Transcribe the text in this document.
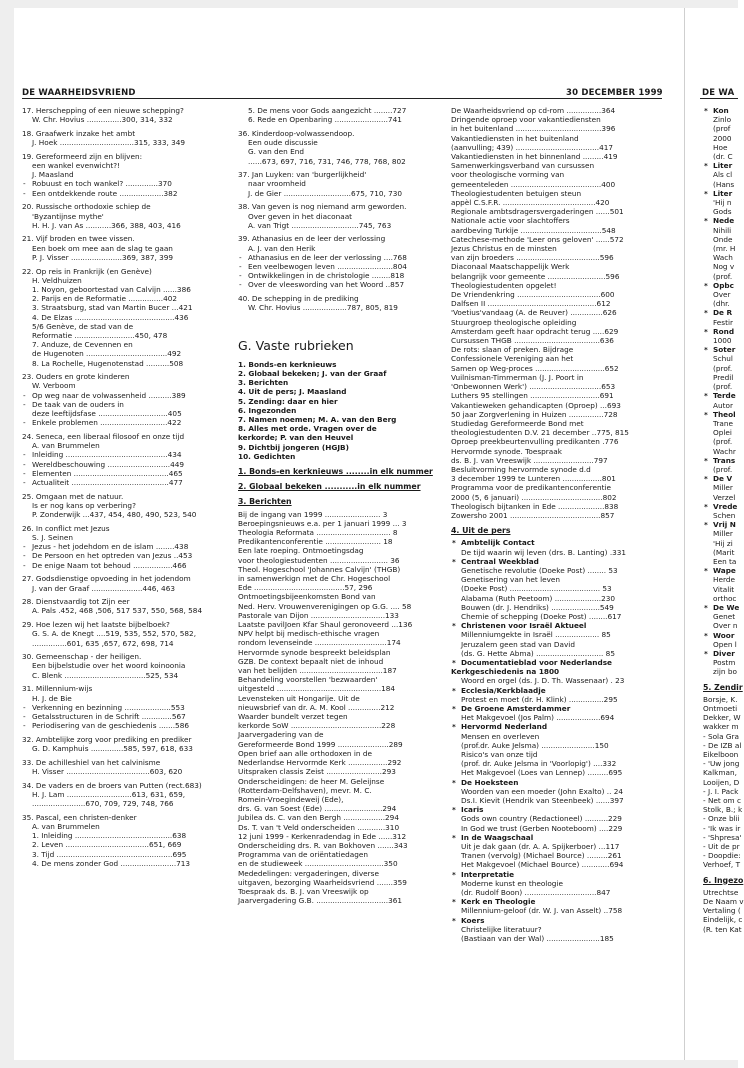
DE WAARHEIDSVRIEND	30 DECEMBER 1999	DE WA
17. Herschepping of een nieuwe schepping?
W. Chr. Hovius ...............300, 314, 332
18. Graafwerk inzake het ambt
J. Hoek ................................315, 333, 349
19. Gereformeerd zijn en blijven:
een wankel evenwicht?!
J. Maasland
- Robuust en toch wankel? ..............370
- Een ontdekkende route ...................382
20. Russische orthodoxie schiep de
'Byzantijnse mythe'
H. H. J. van As ...........366, 388, 403, 416
21. Vijf broden en twee vissen.
Een boek om mee aan de slag te gaan
P. J. Visser ......................369, 387, 399
22. Op reis in Frankrijk (en Genève)
H. Veldhuizen
1. Noyon, geboortestad van Calvijn ......386
2. Parijs en de Reformatie ...............402
3. Straatsburg, stad van Martin Bucer ...421
4. De Elzas ...........................................436
5/6 Genève, de stad van de
Reformatie ..........................450, 478
7. Anduze, de Cevennen en
de Hugenoten ...................................492
8. La Rochelle, Hugenotenstad ..........508
23. Ouders en grote kinderen
W. Verboom
- Op weg naar de volwassenheid ..........389
- De taak van de ouders in
deze leeftijdsfase ..............................405
- Enkele problemen .............................422
24. Seneca, een liberaal filosoof en onze tijd
A. van Brummelen
- Inleiding ............................................434
- Wereldbeschouwing ...........................449
- Elementen .........................................465
- Actualiteit ..........................................477
25. Omgaan met de natuur.
Is er nog kans op verbering?
P. Zonderwijk ...437, 454, 480, 490, 523, 540
26. In conflict met Jezus
S. J. Seinen
- Jezus - het jodehdom en de islam ........438
- De Persoon en het optreden van Jezus ..453
- De enige Naam tot behoud .................466
27. Godsdienstige opvoeding in het jodendom
J. van der Graaf ......................446, 463
28. Dienstvaardig tot Zijn eer
A. Pals .452, 468 ,506, 517 537, 550, 568, 584
29. Hoe lezen wij het laatste bijbelboek?
G. S. A. de Knegt ....519, 535, 552, 570, 582,
...............601, 635 ,657, 672, 698, 714
30. Gemeenschap - der heiligen.
Een bijbelstudie over het woord koinoonia
C. Blenk ...................................525, 534
31. Millennium-wijs
H. J. de Bie
- Verkenning en bezinning ....................553
- Getalsstructuren in de Schrift .............567
- Periodisering van de geschiedenis .......586
32. Ambtelijke zorg voor prediking en prediker
G. D. Kamphuis ..............585, 597, 618, 633
33. De achilleshiel van het calvinisme
H. Visser ....................................603, 620
34. De vaders en de broers van Putten (rect.683)
H. J. Lam ............................613, 631, 659,
.......................670, 709, 729, 748, 766
35. Pascal, een christen-denker
A. van Brummelen
1. Inleiding ..........................................638
2. Leven ....................................651, 669
3. Tijd ..................................................695
4. De mens zonder God ........................713
5. De mens voor Gods aangezicht ........727
6. Rede en Openbaring .......................741
36. Kinderdoop-volwassendoop.
Een oude discussie
G. van den End
......673, 697, 716, 731, 746, 778, 768, 802
37. Jan Luyken: van 'burgerlijkheid'
naar vroomheid
J. de Gier .............................675, 710, 730
38. Van geven is nog niemand arm geworden.
Over geven in het diaconaat
A. van Trigt .............................745, 763
39. Athanasius en de leer der verlossing
A. J. van den Herik
- Athanasius en de leer der verlossing ....768
- Een veelbewogen leven ........................804
- Ontwikkelingen in de christologie ........818
- Over de vleeswording van het Woord ..857
40. De schepping in de prediking
W. Chr. Hovius ...................787, 805, 819
G. Vaste rubrieken
1. Bonds-en kerknieuws
2. Globaal bekeken; J. van der Graaf
3. Berichten
4. Uit de pers; J. Maasland
5. Zending: daar en hier
6. Ingezonden
7. Namen noemen; M. A. van den Berg
8. Alles met orde. Vragen over de
kerkorde; P. van den Heuvel
9. Dichtbij jongeren (HGJB)
10. Gedichten
1. Bonds-en kerknieuws ........in elk nummer
2. Globaal bekeken ...........in elk nummer
3. Berichten
Bij de ingang van 1999 ........................ 3
Beroepingsnieuws e.a. per 1 januari 1999 ... 3
Theologia Reformata ................................ 8
Predikantenconferentie ........................ 18
Een late roeping. Ontmoetingsdag
voor theologiestudenten ......................... 36
Theol. Hogeschool 'Johannes Calvijn' (THGB)
in samenwerkign met de Chr. Hogeschool
Ede .......................................57, 296
Ontmoetingsbijeenkomsten Bond van
Ned. Herv. Vrouwenverenigingen op G.G. .... 58
Pastorale van Dijon ................................133
Laatste pavilJoen Kfar Shaul geronoveerd ...136
NPV helpt bij medisch-ethische vragen
rondom levenseinde ...............................174
Hervormde synode bespreekt beleidsplan
GZB. De context bepaalt niet de inhoud
van het belijden ....................................187
Behandeling voorstellen 'bezwaarden'
uitgesteld .............................................184
Levensteken uit Hongarije. Uit de
nieuwsbrief van dr. A. M. Kool ..............212
Waarder bundelt verzet tegen
kerkorde SoW .......................................228
Jaarvergadering van de
Gereformeerde Bond 1999 ......................289
Open brief aan alle orthodoxen in de
Nederlandse Hervormde Kerk .................292
Uitspraken classis Zeist ........................293
Onderscheidingen: de heer M. Geleijnse
(Rotterdam-Delfshaven), mevr. M. C.
Romein-Vroegindeweij (Ede),
drs. G. van Soest (Ede) .........................294
Jubilea ds. C. van den Bergh ..................294
Ds. T. van 't Veld onderscheiden ............310
12 juni 1999 - Kerkenradendag in Ede ......312
Onderscheiding drs. R. van Bokhoven .......343
Programma van de oriëntatiedagen
en de studieweek ..................................350
Mededelingen: vergaderingen, diverse
uitgaven, bezorging Waarheidsvriend .......359
Toespraak ds. B. J. van Vreeswijk op
Jaarvergadering G.B. ...............................361
De Waarheidsvriend op cd-rom ...............364
Dringende oproep voor vakantiediensten
in het buitenland .....................................396
Vakantiediensten in het buitenland
(aanvulling; 439) ....................................417
Vakantiediensten in het binnenland .........419
Samenwerkingsverband van cursussen
voor theologische vorming van
gemeenteleden .......................................400
Theologiestudenten betuigen steun
appèl C.S.F.R. ........................................420
Regionale ambtsdragersvergaderingen ......501
Nationale actie voor slachtoffers
aardbeving Turkije ...................................548
Catechese-methode 'Leer ons geloven' ......572
Jezus Christus en de minsten
van zijn broeders ....................................596
Diaconaal Maatschappelijk Werk
belangrijk voor gemeente .........................596
Theologiestudenten opgelet!
De Vriendenkring ....................................600
Dalfsen II ...............................................612
'Voetius'vandaag (A. de Reuver) ..............626
Stuurgroep theologische opleiding
Amsterdam geeft haar opdracht terug .....629
Cursussen THGB .....................................636
De rots: slaan of preken. Bijdrage
Confessionele Vereniging aan het
Samen op Weg-proces ..............................652
Vuilnisman-Timmerman (J. J. Poort in
'Onbewonnen Werk') ...............................653
Luthers 95 stellingen ..............................691
Vakantieweken gehandicapten (Oproep) ...693
50 jaar Zorgverlening in Huizen ...............728
Studiedag Gereformeerde Bond met
theologiestudenten D.V. 21 december ..775, 815
Oproep preekbeurtenvulling predikanten .776
Hervormde synode. Toespraak
ds. B. J. van Vreeswijk ..........................797
Besluitvorming hervormde synode d.d
3 december 1999 te Lunteren .................801
Programma voor de predikantenconferentie
2000 (5, 6 januari) ...................................802
Theologisch bijtanken in Ede ....................838
Zowersho 2001 .......................................857
4. Uit de pers
* Ambtelijk Contact
De tijd waarin wij leven (drs. B. Lanting) .331
* Centraal Weekblad
Genetische revolutie (Doeke Post) ........ 53
Genetisering van het leven
(Doeke Post) ....................................... 53
Alabama (Ruth Peetoom) ....................230
Bouwen (dr. J. Hendriks) .....................549
Chemie of schepping (Doeke Post) ........617
* Christenen voor Israël Aktueel
Millenniumgekte in Israël ................... 85
Jeruzalem geen stad van David
(ds. G. Hette Abma) ............................. 85
* Documentatieblad voor Nederlandse
Kerkgeschiedenis na 1800
Woord en orgel (ds. J. D. Th. Wassenaar) . 23
* Ecclesia/Kerkblaadje
Protest en moet (dr. H. Klink) ...............295
* De Groene Amsterdammer
Het Makgevoel (Jos Palm) ...................694
* Hervormd Nederland
Mensen en overleven
(prof.dr. Auke Jelsma) .......................150
Risico's van onze tijd
(prof. dr. Auke Jelsma in 'Voorlopig') ....332
Het Makgevoel (Loes van Lennep) .........695
* De Hoeksteen
Woorden van een moeder (John Exalto) .. 24
Ds.I. Kievit (Hendrik van Steenbeek) ......397
* Icaris
Gods own country (Redactioneel) ..........229
In God we trust (Gerben Nooteboom) ....229
* In de Waagschaal
Uit je dak gaan (dr. A. A. Spijkerboer) ...117
Tranen (vervolg) (Michael Bource) .........261
Het Makgevoel (Michael Bource) ............694
* Interpretatie
Moderne kunst en theologie
(dr. Rudolf Boon) ...............................847
* Kerk en Theologie
Millennium-geloof (dr. W. J. van Asselt) ..758
* Koers
Christelijke literatuur?
(Bastiaan van der Wal) .......................185
* Kon
Zinlo
(prof
2000
Hoe
(dr. C
* Liter
Als cl
(Hans
* Liter
'Hij n
Gods
* Nede
Nihili
Onde
(mr. H
Wach
Nog v
(prof.
* Opbc
Over
(dhr.
* De R
Festir
* Rond
1000
* Soter
Schul
(prof.
Predil
(prof.
* Terde
Autor
* Theol
Trane
Oplei
(prof.
Wachr
* Trans
(prof.
* De V
Miller
Verzel
* Vrede
Schen
* Vrij N
Miller
'Hij zi
(Marit
Een ta
* Wape
Herde
Vitalit
orthoc
* De We
Genet
Over n
* Woor
Open l
* Diver
Postm
zijn bo
5. Zendir
Borsje, K.
Ontmoeti
Dekker, W
wakker m
- Sola Gra
- De IZB al
Eikelboon
- 'Uw jong
Kalkman,
Looijen, D
- J. I. Pack
- Net om c
Stolk, B.; k
- Onze blii
- 'Ik was ir
- 'Shpresa'
- Uit de pr
- Doopdie:
Verhoef, T
6. Ingezo
Utrechtse
De Naam v
Vertaling (
Eindelijk, c
(R. ten Kat
